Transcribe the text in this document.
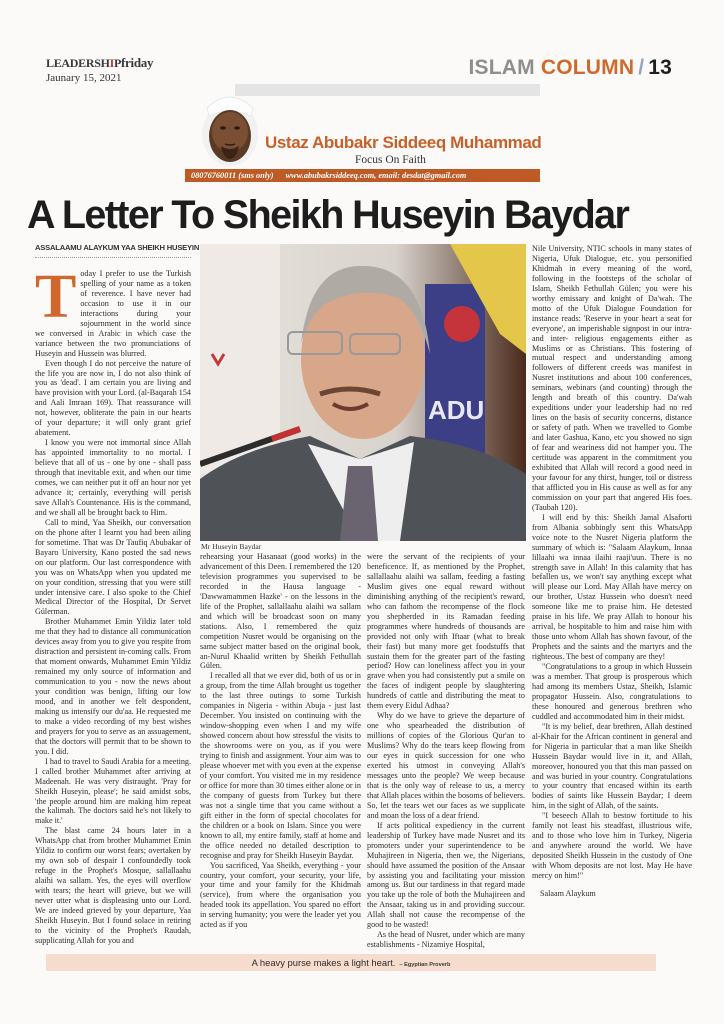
LEADERSHIPfriday
Jaunary 15, 2021	ISLAM COLUMN / 13
Ustaz Abubakr Siddeeq Muhammad
Focus On Faith
08076760011 (sms only) www.abubakrsiddeeq.com, email: desdat@gmail.com
A Letter To Sheikh Huseyin Baydar
ASSALAAMU ALAYKUM YAA SHEIKH HUSEYIN

Today I prefer to use the Turkish spelling of your name as a token of reverence. I have never had occasion to use it in our interactions during your sojournment in the world since we conversed in Arabic in which case the variance between the two pronunciations of Huseyin and Hussein was blurred.

Even though I do not perceive the nature of the life you are now in, I do not also think of you as 'dead'. I am certain you are living and have provision with your Lord. (al-Baqarah 154 and Aali Imraan 169). That reassurance will not, however, obliterate the pain in our hearts of your departure; it will only grant grief abatement.

I know you were not immortal since Allah has appointed immortality to no mortal. I believe that all of us - one by one - shall pass through that inevitable exit, and when our time comes, we can neither put it off an hour nor yet advance it; certainly, everything will perish save Allah's Countenance. His is the command, and we shall all be brought back to Him.

Call to mind, Yaa Sheikh, our conversation on the phone after I learnt you had been ailing for sometime. That was Dr Taufiq Abubakar of Bayaro University, Kano posted the sad news on our platform. Our last correspondence with you was on WhatsApp when you updated me on your condition, stressing that you were still under intensive care. I also spoke to the Chief Medical Director of the Hospital, Dr Servet Gülerman.

Brother Muhammet Emin Yildiz later told me that they had to distance all communication devices away from you to give you respite from distraction and persistent in-coming calls. From that moment onwards, Muhammet Emin Yildiz remained my only source of information and communication to you - now the news about your condition was benign, lifting our low mood, and in another we felt despondent, making us intensify our du'aa. He requested me to make a video recording of my best wishes and prayers for you to serve as an assuagement, that the doctors will permit that to be shown to you. I did.

I had to travel to Saudi Arabia for a meeting. I called brother Muhammet after arriving at Madeenah. He was very distraught. 'Pray for Sheikh Huseyin, please'; he said amidst sobs, 'the people around him are making him repeat the kalimah. The doctors said he's not likely to make it.'

The blast came 24 hours later in a WhatsApp chat from brother Muhammet Emin Yildiz to confirm our worst fears; overtaken by my own sob of despair I confoundedly took refuge in the Prophet's Mosque, sallallaahu alaihi wa sallam. Yes, the eyes will overflow with tears; the heart will grieve, but we will never utter what is displeasing unto our Lord. We are indeed grieved by your departure, Yaa Sheikh Huseyin. But I found solace in retiring to the vicinity of the Prophet's Raudah, supplicating Allah for you and

ADU
Mr Huseyin Baydar

rehearsing your Hasanaat (good works) in the advancement of this Deen. I remembered the 120 television programmes you supervised to be recorded in the Hausa language - 'Dawwamammen Hazke' - on the lessons in the life of the Prophet, sallallaahu alaihi wa sallam and which will be broadcast soon on many stations. Also, I remembered the quiz competition Nusret would be organising on the same subject matter based on the original book, an-Nurul Khaalid written by Sheikh Fethullah Gülen.

I recalled all that we ever did, both of us or in a group, from the time Allah brought us together to the last three outings to some Turkish companies in Nigeria - within Abuja - just last December. You insisted on continuing with the window-shopping even when I and my wife showed concern about how stressful the visits to the showrooms were on you, as if you were trying to finish and assignment. Your aim was to please whoever met with you even at the expense of your comfort. You visited me in my residence or office for more than 30 times either alone or in the company of guests from Turkey but there was not a single time that you came without a gift either in the form of special chocolates for the children or a book on Islam. Since you were known to all, my entire family, staff at home and the office needed no detailed description to recognise and pray for Sheikh Huseyin Baydar.

You sacrificed, Yaa Sheikh, everything - your country, your comfort, your security, your life, your time and your family for the Khidmah (service), from where the organisation you headed took its appellation. You spared no effort in serving humanity; you were the leader yet you acted as if you

were the servant of the recipients of your beneficence. If, as mentioned by the Prophet, sallallaahu alaihi wa sallam, feeding a fasting Muslim gives one equal reward without diminishing anything of the recipient's reward, who can fathom the recompense of the flock you shepherded in its Ramadan feeding programmes where hundreds of thousands are provided not only with Iftaar (what to break their fast) but many more get foodstuffs that sustain them for the greater part of the fasting period? How can loneliness affect you in your grave when you had consistently put a smile on the faces of indigent people by slaughtering hundreds of cattle and distributing the meat to them every Eidul Adhaa?

Why do we have to grieve the departure of one who spearheaded the distribution of millions of copies of the Glorious Qur'an to Muslims? Why do the tears keep flowing from our eyes in quick succession for one who exerted his utmost in conveying Allah's messages unto the people? We weep because that is the only way of release to us, a mercy that Allah places within the bosoms of believers. So, let the tears wet our faces as we supplicate and moan the loss of a dear friend.

If acts political expediency in the current leadership of Turkey have made Nusret and its promoters under your superintendence to be Muhajireen in Nigeria, then we, the Nigerians, should have assumed the position of the Ansaar by assisting you and facilitating your mission among us. But our tardiness in that regard made you take up the role of both the Muhajireen and the Ansaar, taking us in and providing succour. Allah shall not cause the recompense of the good to be wasted!

As the head of Nusret, under which are many establishments - Nizamiye Hospital,

Nile University, NTIC schools in many states of Nigeria, Ufuk Dialogue, etc. you personified Khidmah in every meaning of the word, following in the footsteps of the scholar of Islam, Sheikh Fethullah Gülen; you were his worthy emissary and knight of Da'wah. The motto of the Ufuk Dialogue Foundation for instance reads: 'Reserve in your heart a seat for everyone', an imperishable signpost in our intra- and inter- religious engagements either as Muslims or as Christians. This fostering of mutual respect and understanding among followers of different creeds was manifest in Nusret institutions and about 100 conferences, seminars, webinars (and counting) through the length and breath of this country. Da'wah expeditions under your leadership had no red lines on the basis of security concerns, distance or safety of path. When we travelled to Gombe and later Gashua, Kano, etc you showed no sign of fear and weariness did not hamper you. The certitude was apparent in the commitment you exhibited that Allah will record a good need in your favour for any thirst, hunger, toil or distress that afflicted you in His cause as well as for any commission on your part that angered His foes. (Taubah 120).

I will end by this: Sheikh Jamal Alsaforti from Albania sobbingly sent this WhatsApp voice note to the Nusret Nigeria platform the summary of which is: "Salaam Alaykum, Innaa lillaahi wa innaa ilaihi raaji'uun. There is no strength save in Allah! In this calamity that has befallen us, we won't say anything except what will please our Lord. May Allah have mercy on our brother, Ustaz Hussein who doesn't need someone like me to praise him. He detested praise in his life. We pray Allah to honour his arrival, be hospitable to him and raise him with those unto whom Allah has shown favour, of the Prophets and the saints and the martyrs and the righteous. The best of company are they!

"Congratulations to a group in which Hussein was a member. That group is prosperous which had among its members Ustaz, Sheikh, Islamic propagator Hussein. Also, congratulations to these honoured and generous brethren who cuddled and accommodated him in their midst.

"It is my belief, dear brethren, Allah destined al-Khair for the African continent in general and for Nigeria in particular that a man like Sheikh Hussein Baydar would live in it, and Allah, moreover, honoured you that this man passed on and was buried in your country. Congratulations to your country that encased within its earth bodies of saints like Hussein Baydar; I deem him, in the sight of Allah, of the saints.

"I beseech Allah to bestow fortitude to his family not least his steadfast, illustrious wife, and to those who love him in Turkey, Nigeria and anywhere around the world. We have deposited Sheikh Hussein in the custody of One with Whom deposits are not lost. May He have mercy on him!"

Salaam Alaykum

A heavy purse makes a light heart. – Egyptian Proverb
